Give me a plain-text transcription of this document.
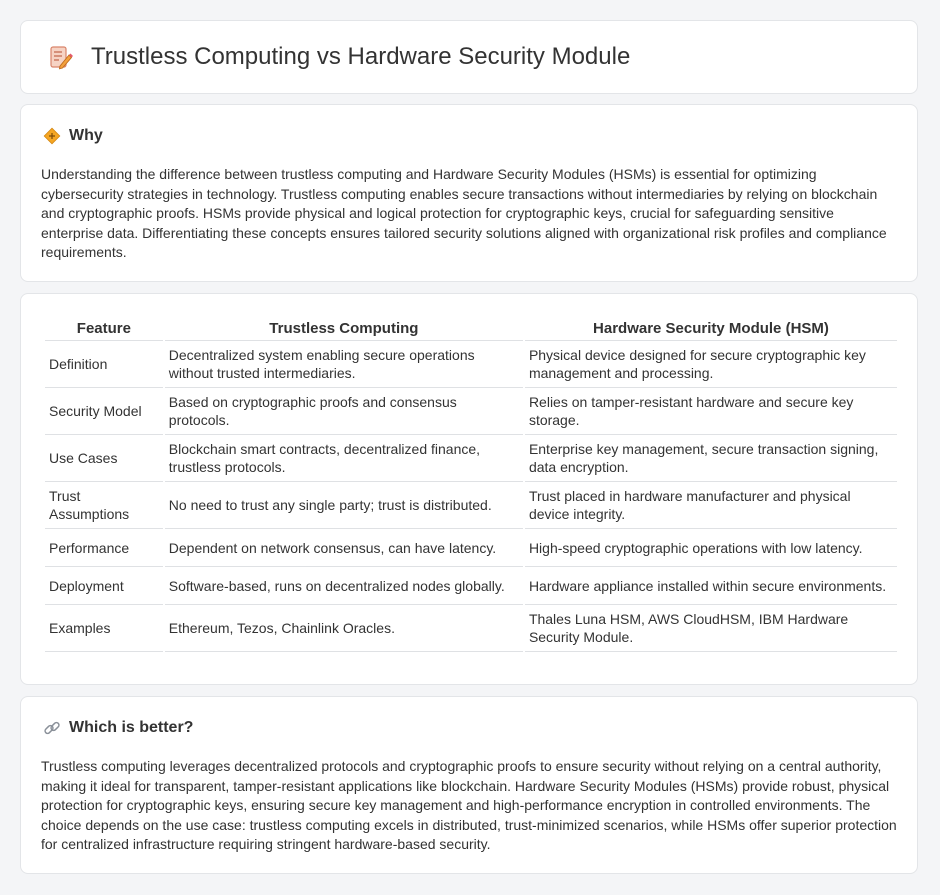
Trustless Computing vs Hardware Security Module
Why
Understanding the difference between trustless computing and Hardware Security Modules (HSMs) is essential for optimizing cybersecurity strategies in technology. Trustless computing enables secure transactions without intermediaries by relying on blockchain and cryptographic proofs. HSMs provide physical and logical protection for cryptographic keys, crucial for safeguarding sensitive enterprise data. Differentiating these concepts ensures tailored security solutions aligned with organizational risk profiles and compliance requirements.
Feature	Trustless Computing	Hardware Security Module (HSM)
Definition	Decentralized system enabling secure operations without trusted intermediaries.	Physical device designed for secure cryptographic key management and processing.
Security Model	Based on cryptographic proofs and consensus protocols.	Relies on tamper-resistant hardware and secure key storage.
Use Cases	Blockchain smart contracts, decentralized finance, trustless protocols.	Enterprise key management, secure transaction signing, data encryption.
Trust Assumptions	No need to trust any single party; trust is distributed.	Trust placed in hardware manufacturer and physical device integrity.
Performance	Dependent on network consensus, can have latency.	High-speed cryptographic operations with low latency.
Deployment	Software-based, runs on decentralized nodes globally.	Hardware appliance installed within secure environments.
Examples	Ethereum, Tezos, Chainlink Oracles.	Thales Luna HSM, AWS CloudHSM, IBM Hardware Security Module.
Which is better?
Trustless computing leverages decentralized protocols and cryptographic proofs to ensure security without relying on a central authority, making it ideal for transparent, tamper-resistant applications like blockchain. Hardware Security Modules (HSMs) provide robust, physical protection for cryptographic keys, ensuring secure key management and high-performance encryption in controlled environments. The choice depends on the use case: trustless computing excels in distributed, trust-minimized scenarios, while HSMs offer superior protection for centralized infrastructure requiring stringent hardware-based security.
